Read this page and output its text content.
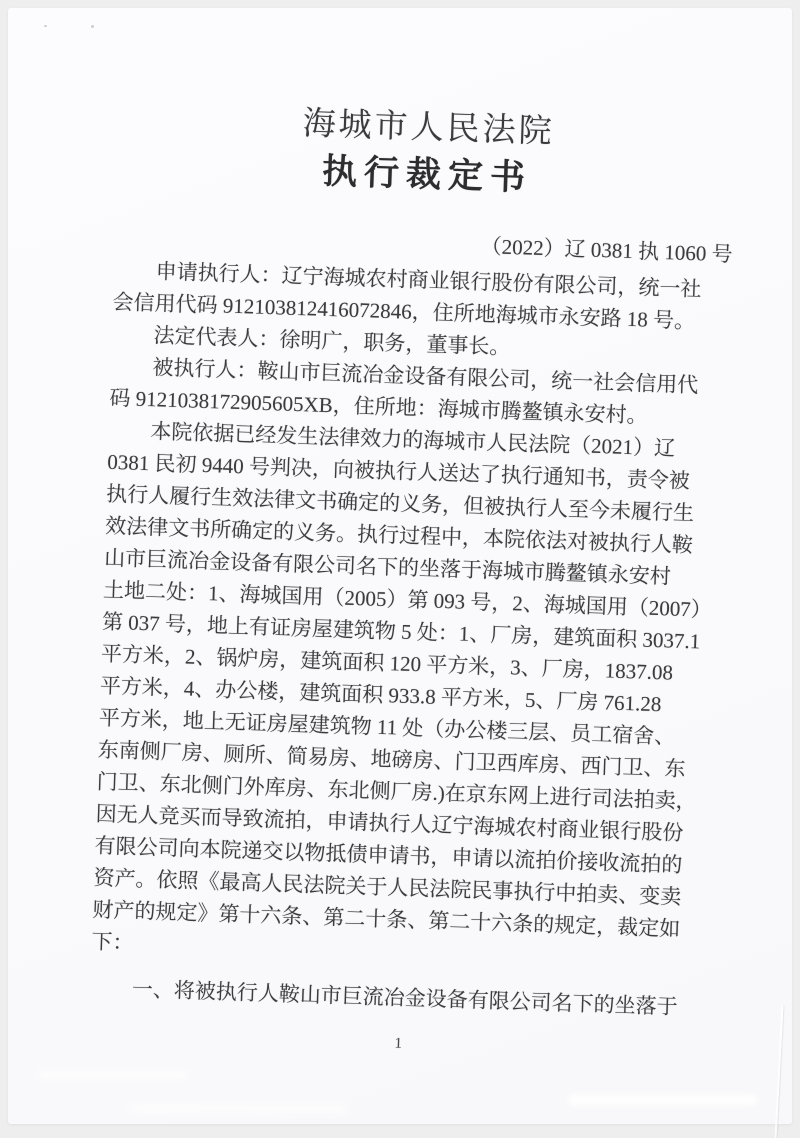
海城市人民法院
执行裁定书
（2022）辽 0381 执 1060 号

申请执行人：辽宁海城农村商业银行股份有限公司，统一社
会信用代码 912103812416072846，住所地海城市永安路 18 号。

法定代表人：徐明广，职务，董事长。

被执行人：鞍山市巨流冶金设备有限公司，统一社会信用代
码 9121038172905605XB，住所地：海城市腾鳌镇永安村。

本院依据已经发生法律效力的海城市人民法院（2021）辽
0381 民初 9440 号判决，向被执行人送达了执行通知书，责令被
执行人履行生效法律文书确定的义务，但被执行人至今未履行生
效法律文书所确定的义务。执行过程中，本院依法对被执行人鞍
山市巨流冶金设备有限公司名下的坐落于海城市腾鳌镇永安村
土地二处：1、海城国用（2005）第 093 号，2、海城国用（2007）
第 037 号，地上有证房屋建筑物 5 处：1、厂房，建筑面积 3037.1
平方米，2、锅炉房，建筑面积 120 平方米，3、厂房，1837.08
平方米，4、办公楼，建筑面积 933.8 平方米，5、厂房 761.28
平方米，地上无证房屋建筑物 11 处（办公楼三层、员工宿舍、
东南侧厂房、厕所、简易房、地磅房、门卫西库房、西门卫、东
门卫、东北侧门外库房、东北侧厂房.)在京东网上进行司法拍卖，
因无人竞买而导致流拍，申请执行人辽宁海城农村商业银行股份
有限公司向本院递交以物抵债申请书，申请以流拍价接收流拍的
资产。依照《最高人民法院关于人民法院民事执行中拍卖、变卖
财产的规定》第十六条、第二十条、第二十六条的规定，裁定如
下：

一、将被执行人鞍山市巨流冶金设备有限公司名下的坐落于

1
